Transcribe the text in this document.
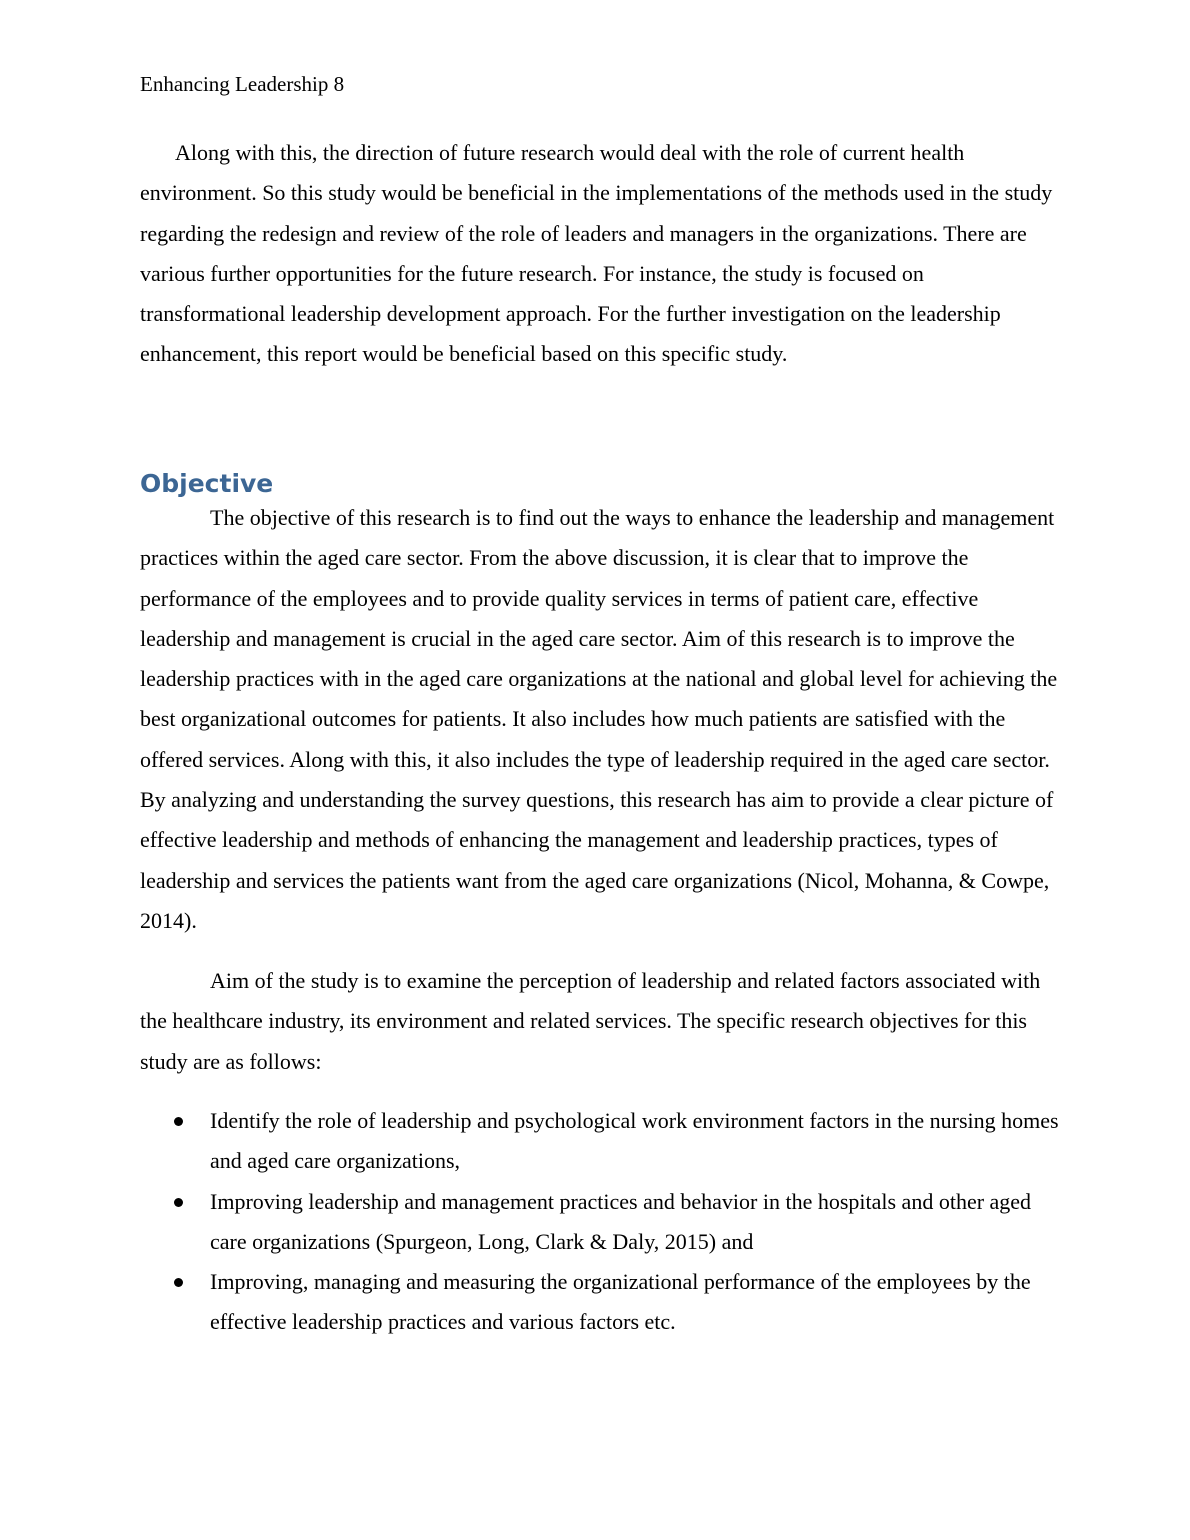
Enhancing Leadership 8

Along with this, the direction of future research would deal with the role of current health environment. So this study would be beneficial in the implementations of the methods used in the study regarding the redesign and review of the role of leaders and managers in the organizations. There are various further opportunities for the future research. For instance, the study is focused on transformational leadership development approach. For the further investigation on the leadership enhancement, this report would be beneficial based on this specific study.

Objective

The objective of this research is to find out the ways to enhance the leadership and management practices within the aged care sector. From the above discussion, it is clear that to improve the performance of the employees and to provide quality services in terms of patient care, effective leadership and management is crucial in the aged care sector. Aim of this research is to improve the leadership practices with in the aged care organizations at the national and global level for achieving the best organizational outcomes for patients. It also includes how much patients are satisfied with the offered services. Along with this, it also includes the type of leadership required in the aged care sector. By analyzing and understanding the survey questions, this research has aim to provide a clear picture of effective leadership and methods of enhancing the management and leadership practices, types of leadership and services the patients want from the aged care organizations (Nicol, Mohanna, & Cowpe, 2014).

Aim of the study is to examine the perception of leadership and related factors associated with the healthcare industry, its environment and related services. The specific research objectives for this study are as follows:

Identify the role of leadership and psychological work environment factors in the nursing homes and aged care organizations,
Improving leadership and management practices and behavior in the hospitals and other aged care organizations (Spurgeon, Long, Clark & Daly, 2015) and
Improving, managing and measuring the organizational performance of the employees by the effective leadership practices and various factors etc.
